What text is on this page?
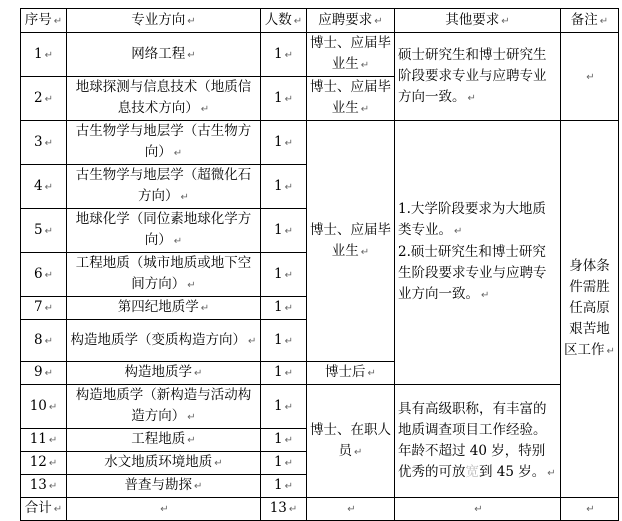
序号 ↵	专业方向 ↵	人数 ↵	应聘要求 ↵	其他要求 ↵	备注 ↵
1 ↵	网络工程 ↵	1 ↵	博士、应届毕业生 ↵	硕士研究生和博士研究生阶段要求专业与应聘专业方向一致。 ↵	↵
2 ↵	地球探测与信息技术（地质信息技术方向） ↵	1 ↵	博士、应届毕业生 ↵		
3 ↵	古生物学与地层学（古生物方向） ↵	1 ↵	博士、应届毕业生 ↵	1.大学阶段要求为大地质类专业。 ↵
2.硕士研究生和博士研究生阶段要求专业与应聘专业方向一致。 ↵	身体条件需胜任高原艰苦地区工作 ↵
4 ↵	古生物学与地层学（超微化石方向） ↵	1 ↵			
5 ↵	地球化学（同位素地球化学方向） ↵	1 ↵			
6 ↵	工程地质（城市地质或地下空间方向） ↵	1 ↵			
7 ↵	第四纪地质学 ↵	1 ↵			
8 ↵	构造地质学（变质构造方向） ↵	1 ↵			
9 ↵	构造地质学 ↵	1 ↵	博士后 ↵		
10 ↵	构造地质学（新构造与活动构造方向） ↵	1 ↵	博士、在职人员 ↵	具有高级职称，有丰富的地质调查项目工作经验。年龄不超过 40 岁，特别优秀的可放宽到 45 岁。 ↵	
11 ↵	工程地质 ↵	1 ↵			
12 ↵	水文地质环境地质 ↵	1 ↵			
13 ↵	普查与勘探 ↵	1 ↵			
合计 ↵	↵	13 ↵	↵	↵	↵
